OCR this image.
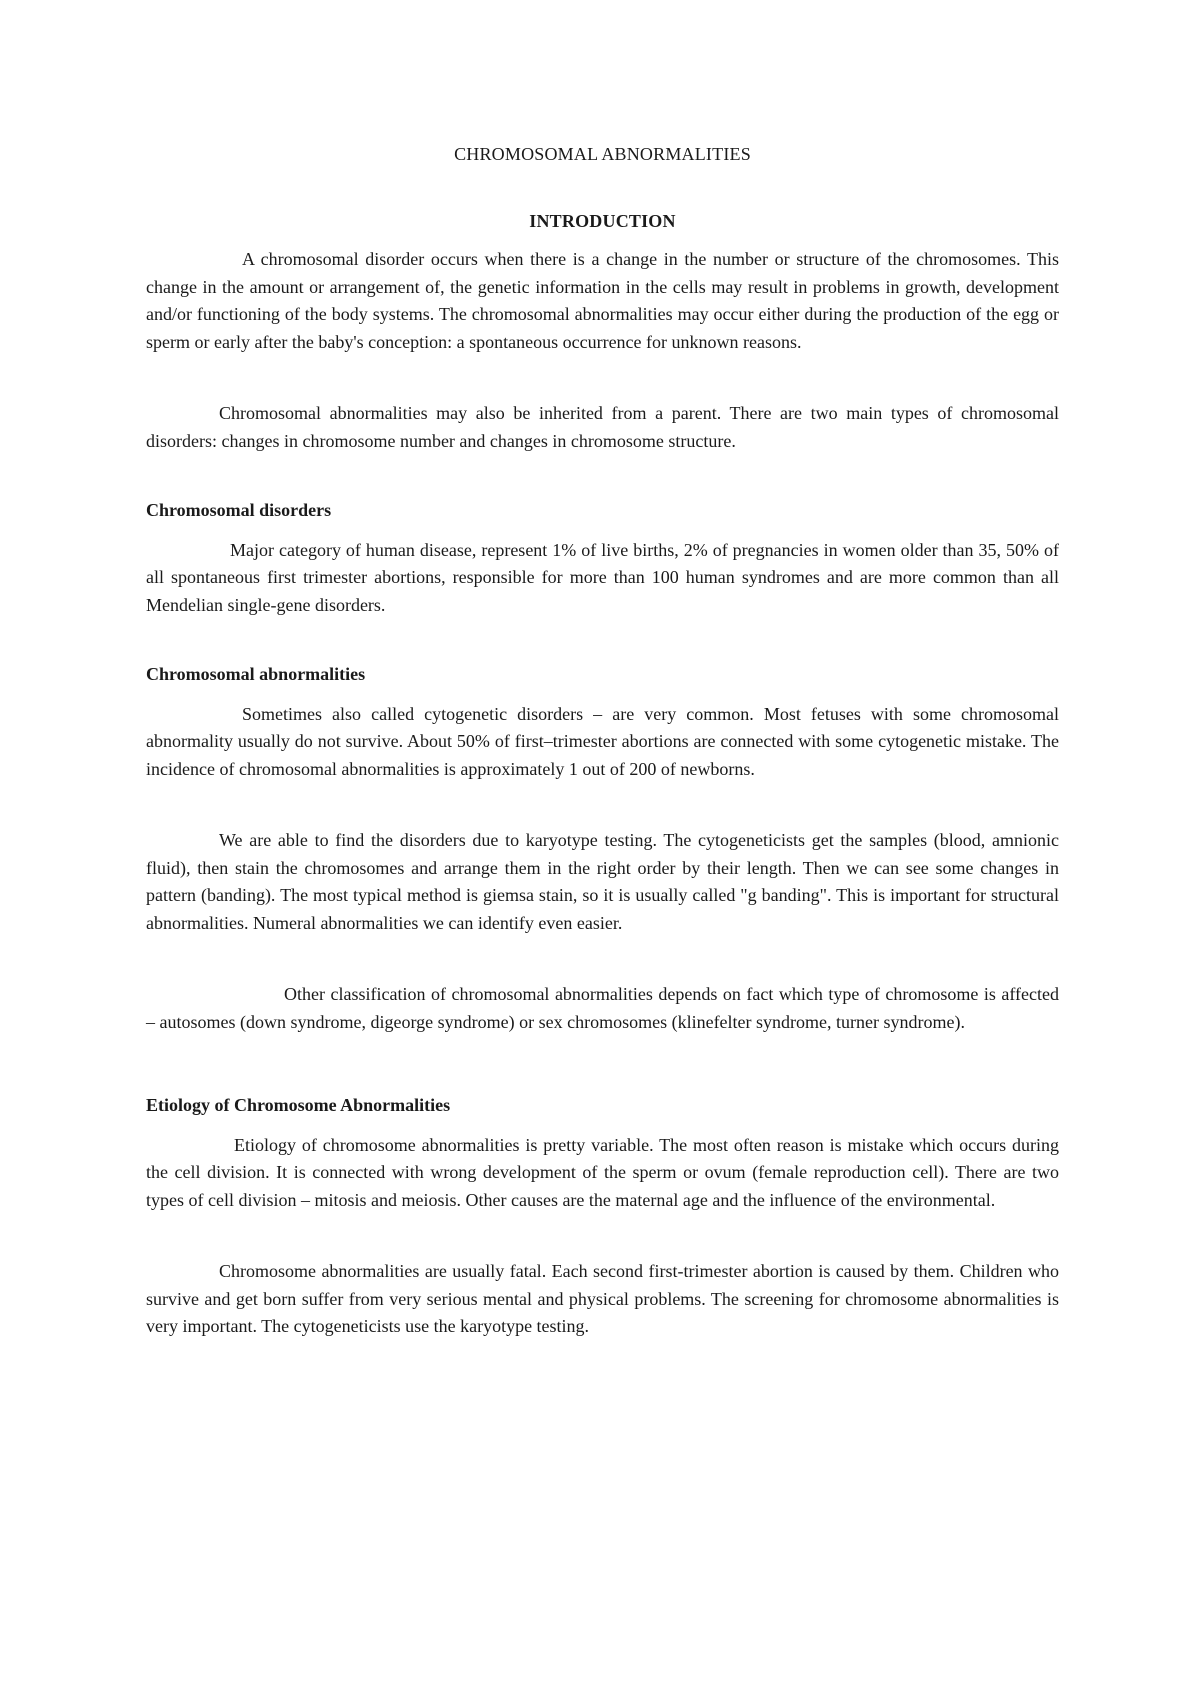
CHROMOSOMAL ABNORMALITIES
INTRODUCTION

A chromosomal disorder occurs when there is a change in the number or structure of the chromosomes. This change in the amount or arrangement of, the genetic information in the cells may result in problems in growth, development and/or functioning of the body systems. The chromosomal abnormalities may occur either during the production of the egg or sperm or early after the baby's conception: a spontaneous occurrence for unknown reasons.

Chromosomal abnormalities may also be inherited from a parent. There are two main types of chromosomal disorders: changes in chromosome number and changes in chromosome structure.

Chromosomal disorders

Major category of human disease, represent 1% of live births, 2% of pregnancies in women older than 35, 50% of all spontaneous first trimester abortions, responsible for more than 100 human syndromes and are more common than all Mendelian single-gene disorders.

Chromosomal abnormalities

Sometimes also called cytogenetic disorders – are very common. Most fetuses with some chromosomal abnormality usually do not survive. About 50% of first–trimester abortions are connected with some cytogenetic mistake. The incidence of chromosomal abnormalities is approximately 1 out of 200 of newborns.

We are able to find the disorders due to karyotype testing. The cytogeneticists get the samples (blood, amnionic fluid), then stain the chromosomes and arrange them in the right order by their length. Then we can see some changes in pattern (banding). The most typical method is giemsa stain, so it is usually called "g banding". This is important for structural abnormalities. Numeral abnormalities we can identify even easier.

Other classification of chromosomal abnormalities depends on fact which type of chromosome is affected – autosomes (down syndrome, digeorge syndrome) or sex chromosomes (klinefelter syndrome, turner syndrome).

Etiology of Chromosome Abnormalities

Etiology of chromosome abnormalities is pretty variable. The most often reason is mistake which occurs during the cell division. It is connected with wrong development of the sperm or ovum (female reproduction cell). There are two types of cell division – mitosis and meiosis. Other causes are the maternal age and the influence of the environmental.

Chromosome abnormalities are usually fatal. Each second first-trimester abortion is caused by them. Children who survive and get born suffer from very serious mental and physical problems. The screening for chromosome abnormalities is very important. The cytogeneticists use the karyotype testing.
